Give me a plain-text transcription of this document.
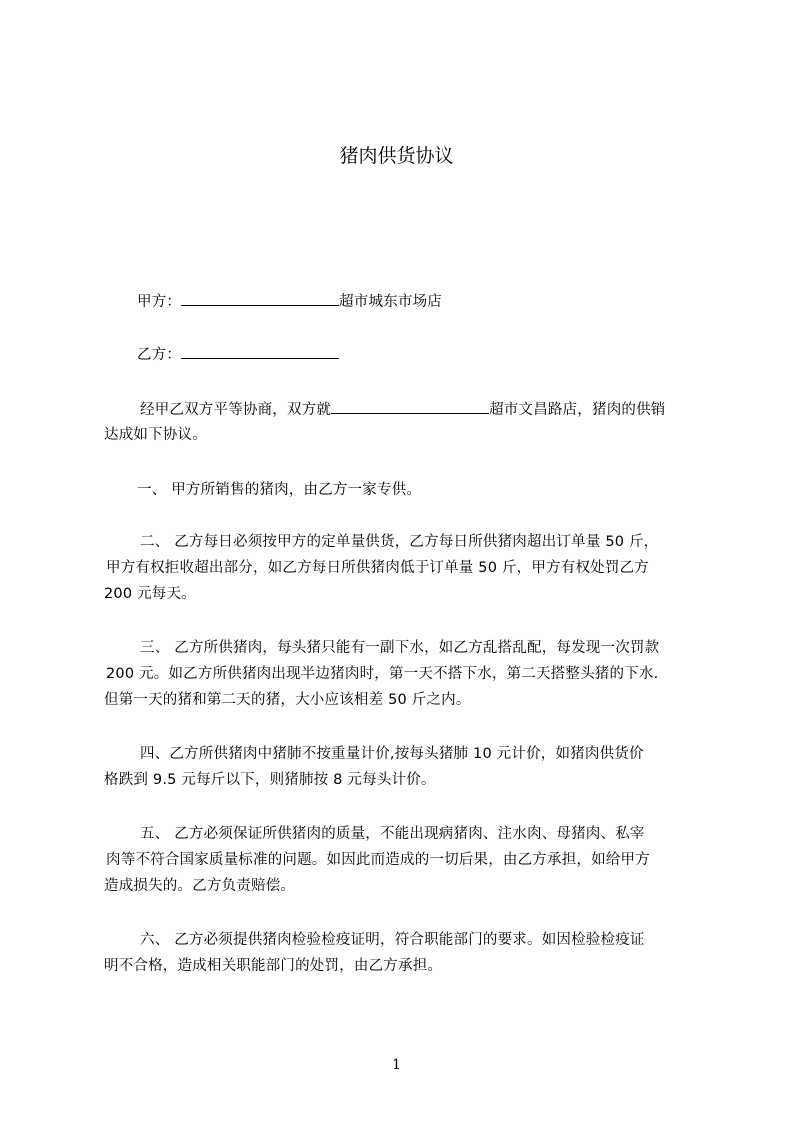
猪肉供货协议
甲方：	超市城东市场店
乙方：
经甲乙双方平等协商，双方就	超市文昌路店，猪肉的供销
达成如下协议。
一、 甲方所销售的猪肉，由乙方一家专供。
二、 乙方每日必须按甲方的定单量供货，乙方每日所供猪肉超出订单量 50 斤，
甲方有权拒收超出部分，如乙方每日所供猪肉低于订单量 50 斤，甲方有权处罚乙方
200 元每天。
三、 乙方所供猪肉，每头猪只能有一副下水，如乙方乱搭乱配，每发现一次罚款
200 元。如乙方所供猪肉出现半边猪肉时，第一天不搭下水，第二天搭整头猪的下水.
但第一天的猪和第二天的猪，大小应该相差 50 斤之内。
四、乙方所供猪肉中猪肺不按重量计价,按每头猪肺 10 元计价，如猪肉供货价
格跌到 9.5 元每斤以下，则猪肺按 8 元每头计价。
五、 乙方必须保证所供猪肉的质量，不能出现病猪肉、注水肉、母猪肉、私宰
肉等不符合国家质量标准的问题。如因此而造成的一切后果，由乙方承担，如给甲方
造成损失的。乙方负责赔偿。
六、 乙方必须提供猪肉检验检疫证明，符合职能部门的要求。如因检验检疫证
明不合格，造成相关职能部门的处罚，由乙方承担。
1
